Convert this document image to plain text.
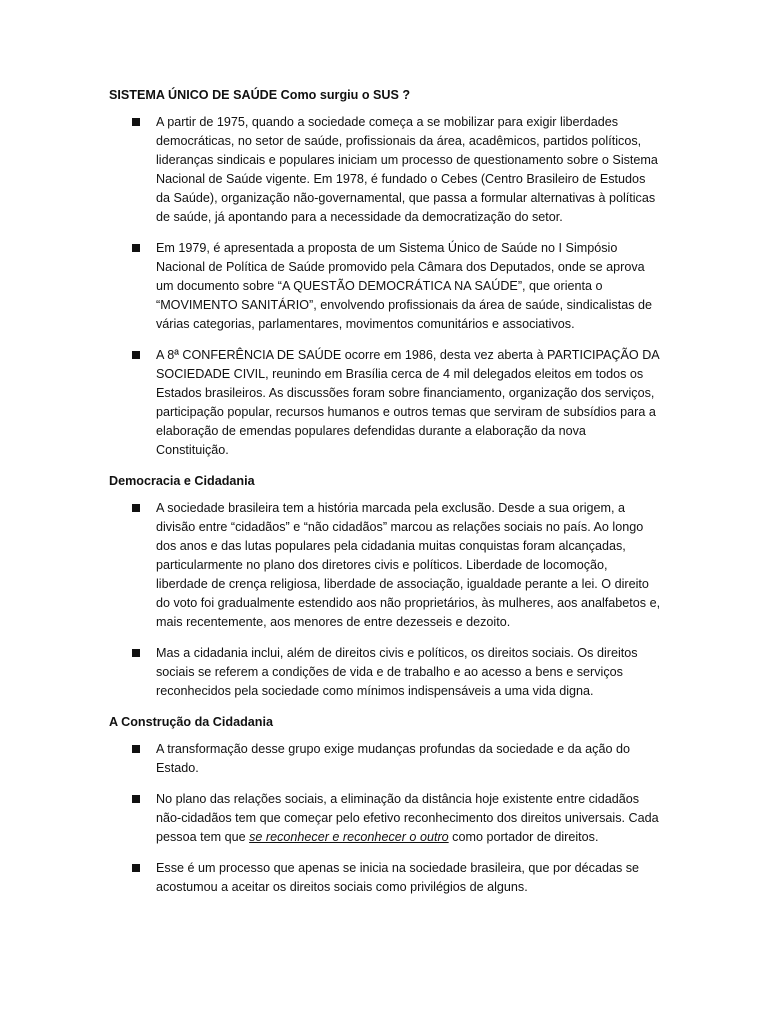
SISTEMA ÚNICO DE SAÚDE Como surgiu o SUS ?
A partir de 1975, quando a sociedade começa a se mobilizar para exigir liberdades democráticas, no setor de saúde, profissionais da área, acadêmicos, partidos políticos, lideranças sindicais e populares iniciam um processo de questionamento sobre o Sistema Nacional de Saúde vigente. Em 1978, é fundado o Cebes (Centro Brasileiro de Estudos da Saúde), organização não-governamental, que passa a formular alternativas à políticas de saúde, já apontando para a necessidade da democratização do setor.
Em 1979, é apresentada a proposta de um Sistema Único de Saúde no I Simpósio Nacional de Política de Saúde promovido pela Câmara dos Deputados, onde se aprova um documento sobre “A QUESTÃO DEMOCRÁTICA NA SAÚDE”, que orienta o “MOVIMENTO SANITÁRIO”, envolvendo profissionais da área de saúde, sindicalistas de várias categorias, parlamentares, movimentos comunitários e associativos.
A 8ª CONFERÊNCIA DE SAÚDE ocorre em 1986, desta vez aberta à PARTICIPAÇÃO DA SOCIEDADE CIVIL, reunindo em Brasília cerca de 4 mil delegados eleitos em todos os Estados brasileiros. As discussões foram sobre financiamento, organização dos serviços, participação popular, recursos humanos e outros temas que serviram de subsídios para a elaboração de emendas populares defendidas durante a elaboração da nova Constituição.
Democracia e Cidadania
A sociedade brasileira tem a história marcada pela exclusão. Desde a sua origem, a divisão entre “cidadãos” e “não cidadãos” marcou as relações sociais no país. Ao longo dos anos e das lutas populares pela cidadania muitas conquistas foram alcançadas, particularmente no plano dos diretores civis e políticos. Liberdade de locomoção, liberdade de crença religiosa, liberdade de associação, igualdade perante a lei. O direito do voto foi gradualmente estendido aos não proprietários, às mulheres, aos analfabetos e, mais recentemente, aos menores de entre dezesseis e dezoito.
Mas a cidadania inclui, além de direitos civis e políticos, os direitos sociais. Os direitos sociais se referem a condições de vida e de trabalho e ao acesso a bens e serviços reconhecidos pela sociedade como mínimos indispensáveis a uma vida digna.
A Construção da Cidadania
A transformação desse grupo exige mudanças profundas da sociedade e da ação do Estado.
No plano das relações sociais, a eliminação da distância hoje existente entre cidadãos não-cidadãos tem que começar pelo efetivo reconhecimento dos direitos universais. Cada pessoa tem que se reconhecer e reconhecer o outro como portador de direitos.
Esse é um processo que apenas se inicia na sociedade brasileira, que por décadas se acostumou a aceitar os direitos sociais como privilégios de alguns.
